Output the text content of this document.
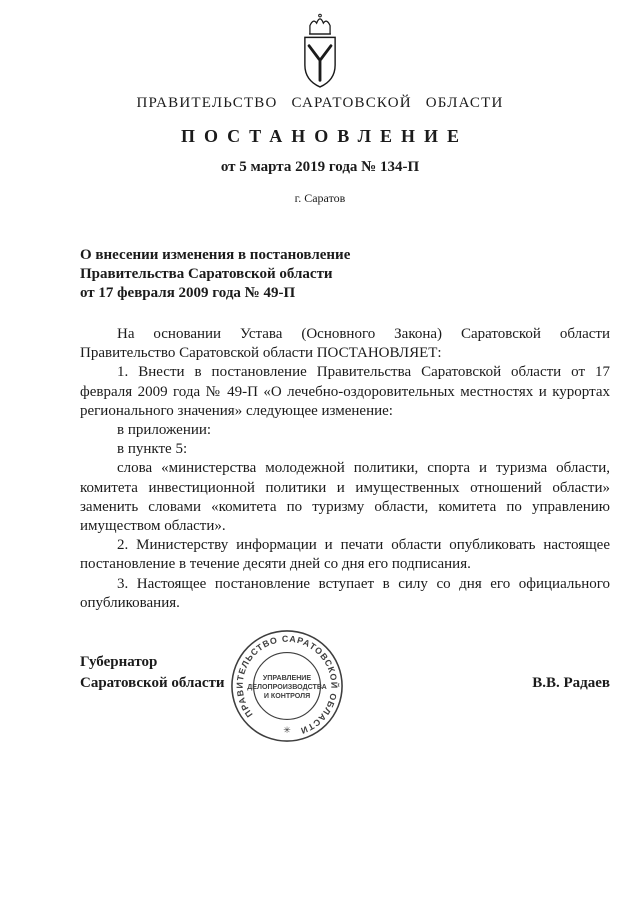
ПРАВИТЕЛЬСТВО САРАТОВСКОЙ ОБЛАСТИ
ПОСТАНОВЛЕНИЕ
от 5 марта 2019 года № 134-П
г. Саратов
О внесении изменения в постановление
Правительства Саратовской области
от 17 февраля 2009 года № 49-П

На основании Устава (Основного Закона) Саратовской области Правительство Саратовской области ПОСТАНОВЛЯЕТ:

1. Внести в постановление Правительства Саратовской области от 17 февраля 2009 года № 49-П «О лечебно-оздоровительных местностях и курортах регионального значения» следующее изменение:

в приложении:

в пункте 5:

слова «министерства молодежной политики, спорта и туризма области, комитета инвестиционной политики и имущественных отношений области» заменить словами «комитета по туризму области, комитета по управлению имуществом области».

2. Министерству информации и печати области опубликовать настоящее постановление в течение десяти дней со дня его подписания.

3. Настоящее постановление вступает в силу со дня его официального опубликования.

Губернатор
Саратовской области	В.В. Радаев
ПРАВИТЕЛЬСТВО САРАТОВСКОЙ ОБЛАСТИ
✳
УПРАВЛЕНИЕ
ДЕЛОПРОИЗВОДСТВА
И КОНТРОЛЯ
